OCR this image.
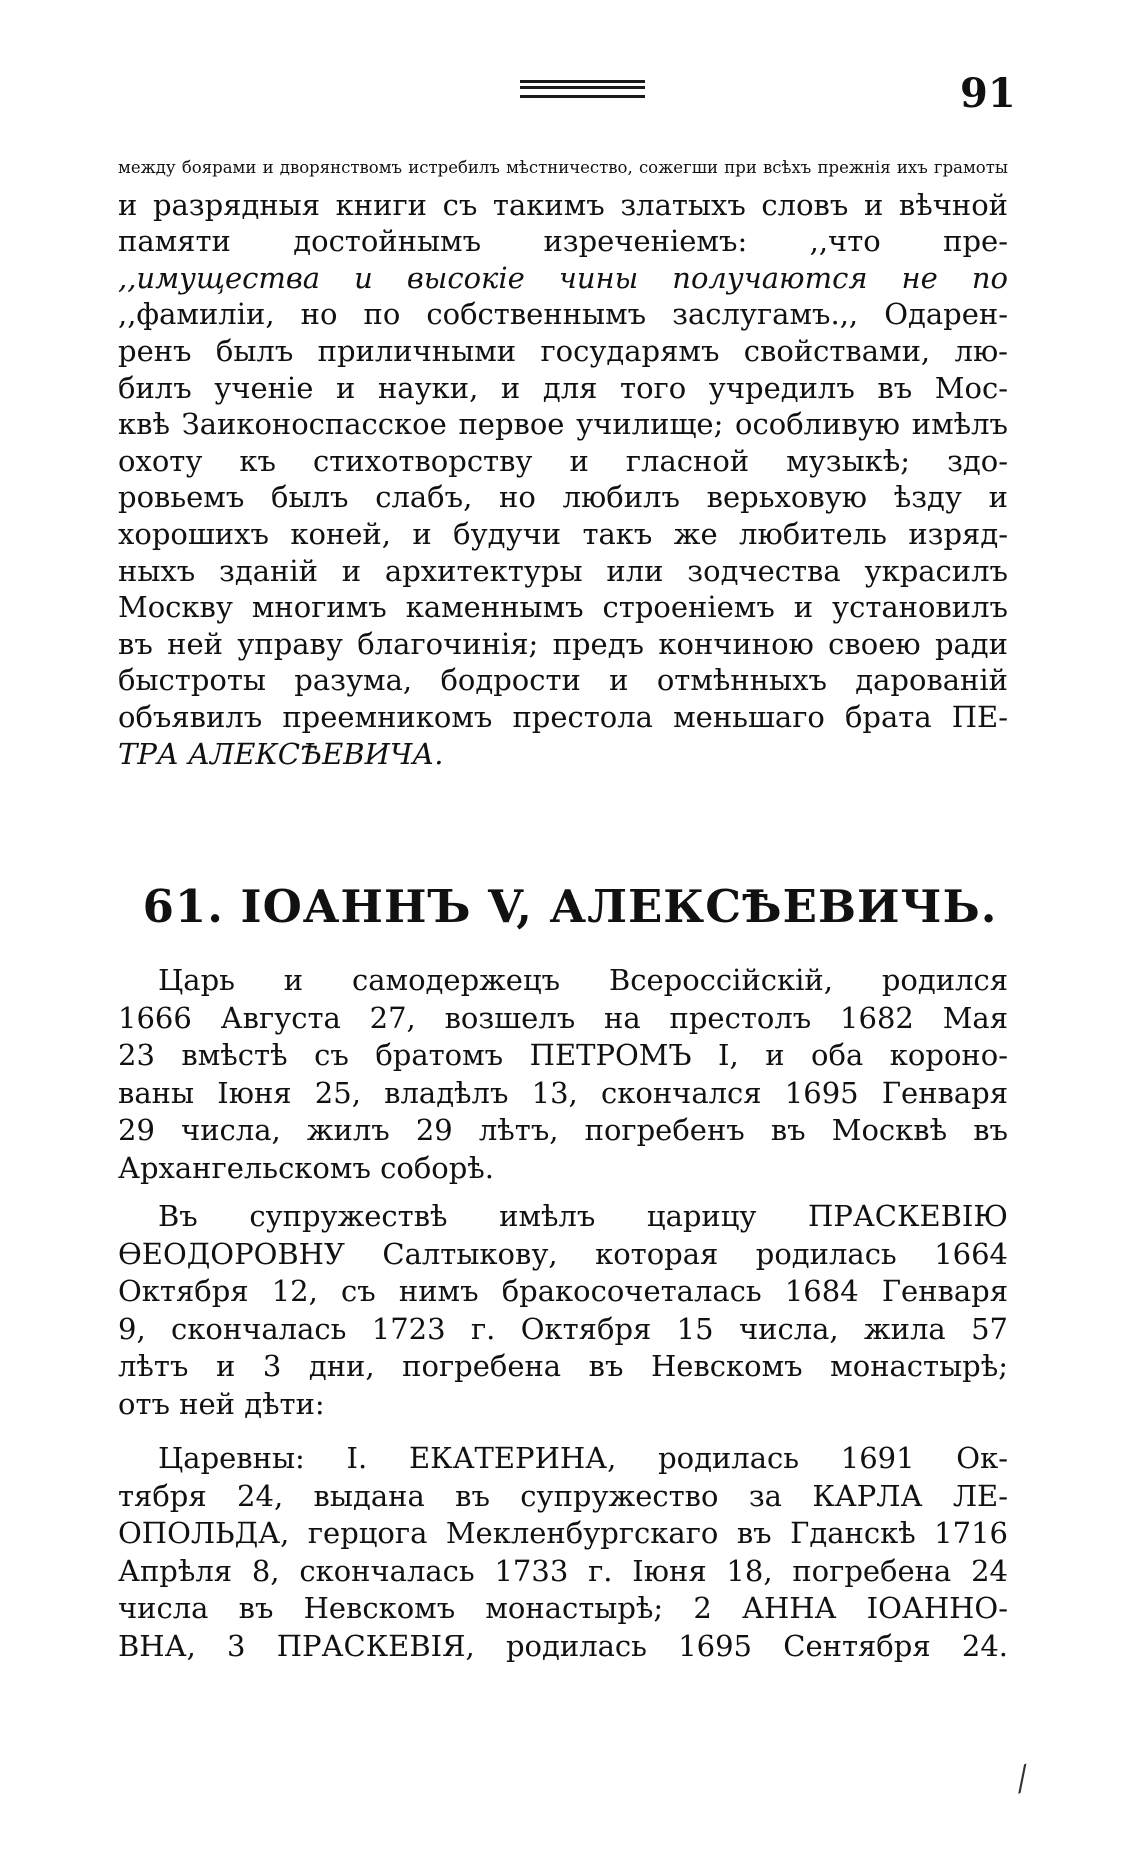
91
между боярами и дворянствомъ истребилъ мѣстничество, сожегши при всѣхъ прежнія ихъ грамоты
и разрядныя книги съ такимъ златыхъ словъ и вѣчной
памяти достойнымъ изреченіемъ: ,,что пре-
,,имущества и высокіе чины получаются не по
,,фамиліи, но по собственнымъ заслугамъ.,, Одарен-
ренъ былъ приличными государямъ свойствами, лю-
билъ ученіе и науки, и для того учредилъ въ Мос-
квѣ Заиконоспасское первое училище; особливую имѣлъ
охоту къ стихотворству и гласной музыкѣ; здо-
ровьемъ былъ слабъ, но любилъ верьховую ѣзду и
хорошихъ коней, и будучи такъ же любитель изряд-
ныхъ зданій и архитектуры или зодчества украсилъ
Москву многимъ каменнымъ строеніемъ и установилъ
въ ней управу благочинія; предъ кончиною своею ради
быстроты разума, бодрости и отмѣнныхъ дарованій
объявилъ преемникомъ престола меньшаго брата ПЕ-
ТРА АЛЕКСѢЕВИЧА.
61. ІОАННЪ V, АЛЕКСѢЕВИЧЬ.
Царь и самодержецъ Всероссійскій, родился
1666 Августа 27, возшелъ на престолъ 1682 Мая
23 вмѣстѣ съ братомъ ПЕТРОМЪ I, и оба короно-
ваны Іюня 25, владѣлъ 13, скончался 1695 Генваря
29 числа, жилъ 29 лѣтъ, погребенъ въ Москвѣ въ
Архангельскомъ соборѣ.
Въ супружествѣ имѣлъ царицу ПРАСКЕВІЮ
ѲЕОДОРОВНУ Салтыкову, которая родилась 1664
Октября 12, съ нимъ бракосочеталась 1684 Генваря
9, скончалась 1723 г. Октября 15 числа, жила 57
лѣтъ и 3 дни, погребена въ Невскомъ монастырѣ;
отъ ней дѣти:
Царевны: I. ЕКАТЕРИНА, родилась 1691 Ок-
тября 24, выдана въ супружество за КАРЛА ЛЕ-
ОПОЛЬДА, герцога Мекленбургскаго въ Гданскѣ 1716
Апрѣля 8, скончалась 1733 г. Іюня 18, погребена 24
числа въ Невскомъ монастырѣ; 2 АННА ІОАННО-
ВНА, 3 ПРАСКЕВІЯ, родилась 1695 Сентября 24.
⁄
